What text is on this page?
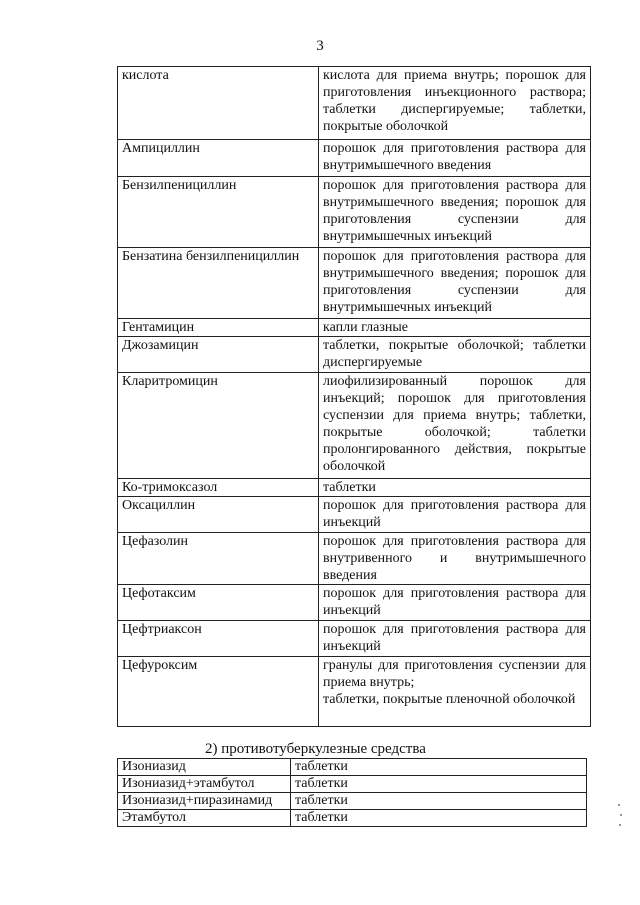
3
кислота	кислота для приема внутрь; порошок для приготовления инъекционного раствора; таблетки диспергируемые; таблетки, покрытые оболочкой
Ампициллин	порошок для приготовления раствора для внутримышечного введения
Бензилпенициллин	порошок для приготовления раствора для внутримышечного введения; порошок для приготовления суспензии для внутримышечных инъекций
Бензатина бензилпенициллин	порошок для приготовления раствора для внутримышечного введения; порошок для приготовления суспензии для внутримышечных инъекций
Гентамицин	капли глазные
Джозамицин	таблетки, покрытые оболочкой; таблетки диспергируемые
Кларитромицин	лиофилизированный порошок для инъекций; порошок для приготовления суспензии для приема внутрь; таблетки, покрытые оболочкой; таблетки пролонгированного действия, покрытые оболочкой
Ко-тримоксазол	таблетки
Оксациллин	порошок для приготовления раствора для инъекций
Цефазолин	порошок для приготовления раствора для внутривенного и внутримышечного введения
Цефотаксим	порошок для приготовления раствора для инъекций
Цефтриаксон	порошок для приготовления раствора для инъекций
Цефуроксим	гранулы для приготовления суспензии для приема внутрь;
таблетки, покрытые пленочной оболочкой
2) противотуберкулезные средства
Изониазид	таблетки
Изониазид+этамбутол	таблетки
Изониазид+пиразинамид	таблетки
Этамбутол	таблетки
